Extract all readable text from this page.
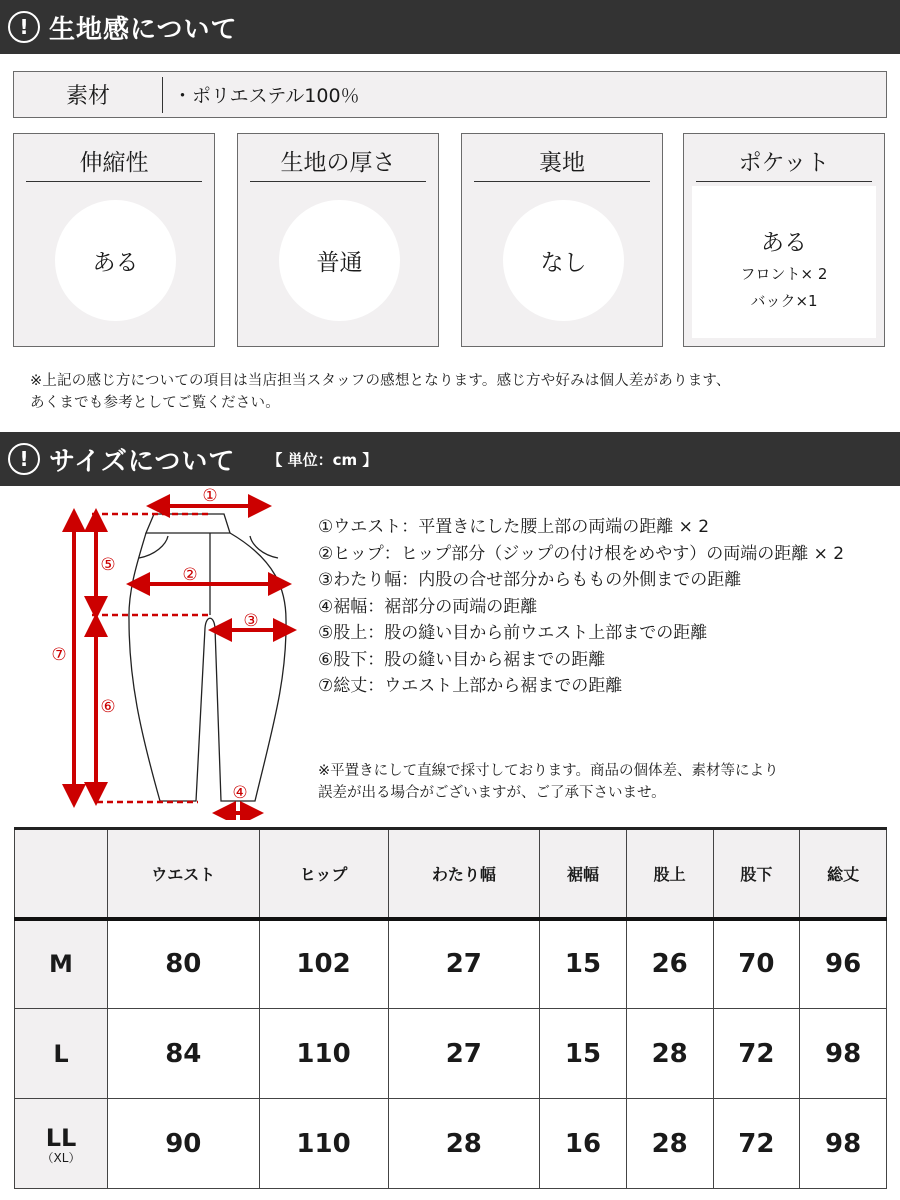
! 生地感について
素材	・ポリエステル100％
伸縮性
ある
生地の厚さ
普通
裏地
なし
ポケット
ある
フロント× 2
バック×1
※上記の感じ方についての項目は当店担当スタッフの感想となります。感じ方や好みは個人差があります、
あくまでも参考としてご覧ください。
! サイズについて 【 単位：cm 】
①
②
③
④
⑤
⑥
⑦
①ウエスト：平置きにした腰上部の両端の距離 × 2
②ヒップ：ヒップ部分（ジップの付け根をめやす）の両端の距離 × 2
③わたり幅：内股の合せ部分からももの外側までの距離
④裾幅：裾部分の両端の距離
⑤股上：股の縫い目から前ウエスト上部までの距離
⑥股下：股の縫い目から裾までの距離
⑦総丈：ウエスト上部から裾までの距離
※平置きにして直線で採寸しております。商品の個体差、素材等により
誤差が出る場合がございますが、ご了承下さいませ。
	ウエスト	ヒップ	わたり幅	裾幅	股上	股下	総丈
M	80	102	27	15	26	70	96
L	84	110	27	15	28	72	98
LL
（XL）	90	110	28	16	28	72	98
